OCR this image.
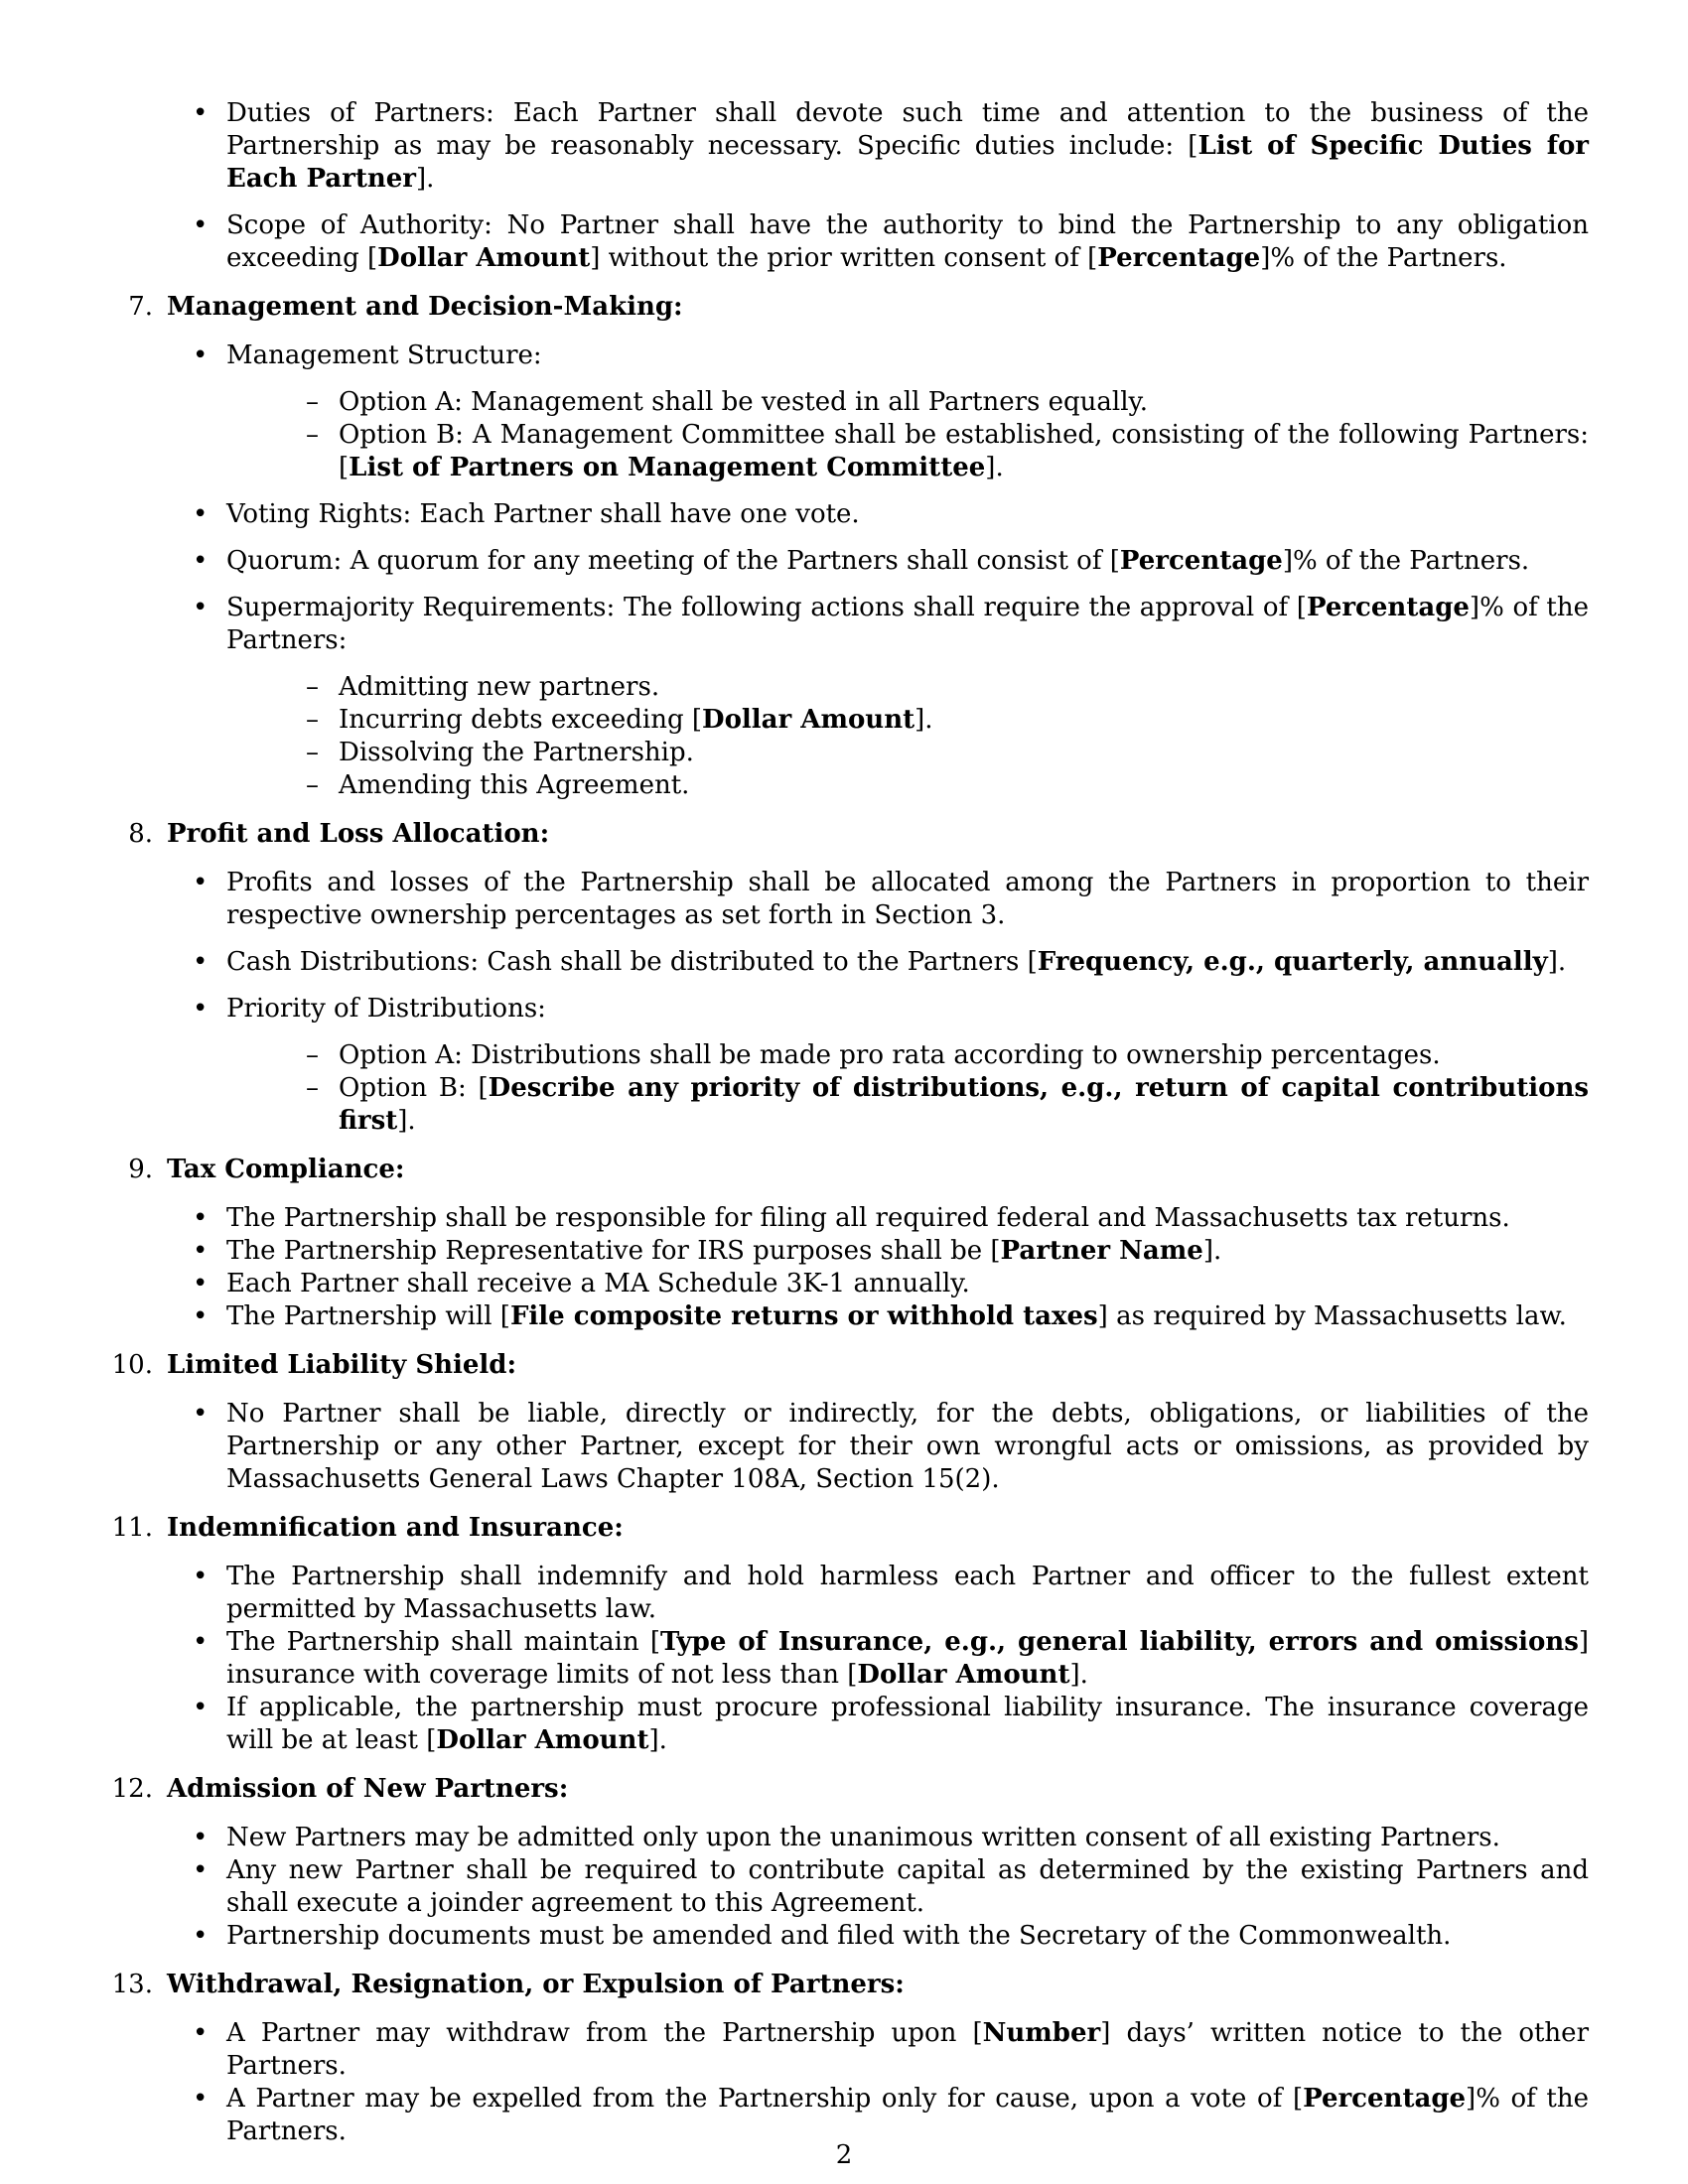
• Duties of Partners: Each Partner shall devote such time and attention to the business of the Partnership as may be reasonably necessary. Specific duties include: [List of Specific Duties for Each Partner].
• Scope of Authority: No Partner shall have the authority to bind the Partnership to any obligation exceeding [Dollar Amount] without the prior written consent of [Percentage]% of the Partners.
7. Management and Decision-Making:
• Management Structure:
– Option A: Management shall be vested in all Partners equally.
– Option B: A Management Committee shall be established, consisting of the following Partners: [List of Partners on Management Committee].
• Voting Rights: Each Partner shall have one vote.
• Quorum: A quorum for any meeting of the Partners shall consist of [Percentage]% of the Partners.
• Supermajority Requirements: The following actions shall require the approval of [Percentage]% of the Partners:
– Admitting new partners.
– Incurring debts exceeding [Dollar Amount].
– Dissolving the Partnership.
– Amending this Agreement.
8. Profit and Loss Allocation:
• Profits and losses of the Partnership shall be allocated among the Partners in proportion to their respective ownership percentages as set forth in Section 3.
• Cash Distributions: Cash shall be distributed to the Partners [Frequency, e.g., quarterly, annually].
• Priority of Distributions:
– Option A: Distributions shall be made pro rata according to ownership percentages.
– Option B: [Describe any priority of distributions, e.g., return of capital contributions first].
9. Tax Compliance:
• The Partnership shall be responsible for filing all required federal and Massachusetts tax returns.
• The Partnership Representative for IRS purposes shall be [Partner Name].
• Each Partner shall receive a MA Schedule 3K-1 annually.
• The Partnership will [File composite returns or withhold taxes] as required by Massachusetts law.
10. Limited Liability Shield:
• No Partner shall be liable, directly or indirectly, for the debts, obligations, or liabilities of the Partnership or any other Partner, except for their own wrongful acts or omissions, as provided by Massachusetts General Laws Chapter 108A, Section 15(2).
11. Indemnification and Insurance:
• The Partnership shall indemnify and hold harmless each Partner and officer to the fullest extent permitted by Massachusetts law.
• The Partnership shall maintain [Type of Insurance, e.g., general liability, errors and omissions] insurance with coverage limits of not less than [Dollar Amount].
• If applicable, the partnership must procure professional liability insurance. The insurance coverage will be at least [Dollar Amount].
12. Admission of New Partners:
• New Partners may be admitted only upon the unanimous written consent of all existing Partners.
• Any new Partner shall be required to contribute capital as determined by the existing Partners and shall execute a joinder agreement to this Agreement.
• Partnership documents must be amended and filed with the Secretary of the Commonwealth.
13. Withdrawal, Resignation, or Expulsion of Partners:
• A Partner may withdraw from the Partnership upon [Number] days’ written notice to the other Partners.
• A Partner may be expelled from the Partnership only for cause, upon a vote of [Percentage]% of the Partners.
2
